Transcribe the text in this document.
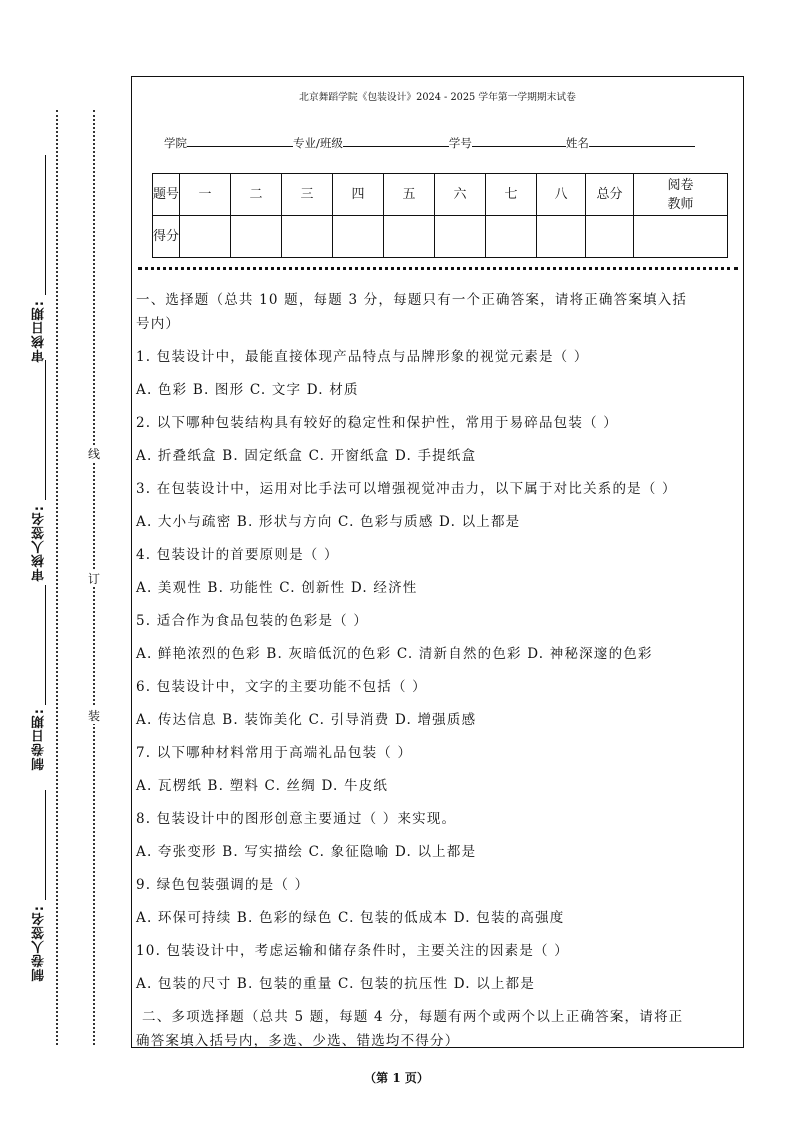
审核日期:
审核人签名:
制卷日期:
制卷人签名:
线
订
装
北京舞蹈学院《包装设计》2024 - 2025 学年第一学期期末试卷
学院	专业/班级	学号	姓名
题号	一	二	三	四	五	六	七	八	总分	阅卷教师

得分										
一、选择题（总共 10 题，每题 3 分，每题只有一个正确答案，请将正确答案填入括
号内）
1. 包装设计中，最能直接体现产品特点与品牌形象的视觉元素是（ ）
A. 色彩 B. 图形 C. 文字 D. 材质
2. 以下哪种包装结构具有较好的稳定性和保护性，常用于易碎品包装（ ）
A. 折叠纸盒 B. 固定纸盒 C. 开窗纸盒 D. 手提纸盒
3. 在包装设计中，运用对比手法可以增强视觉冲击力，以下属于对比关系的是（ ）
A. 大小与疏密 B. 形状与方向 C. 色彩与质感 D. 以上都是
4. 包装设计的首要原则是（ ）
A. 美观性 B. 功能性 C. 创新性 D. 经济性
5. 适合作为食品包装的色彩是（ ）
A. 鲜艳浓烈的色彩 B. 灰暗低沉的色彩 C. 清新自然的色彩 D. 神秘深邃的色彩
6. 包装设计中，文字的主要功能不包括（ ）
A. 传达信息 B. 装饰美化 C. 引导消费 D. 增强质感
7. 以下哪种材料常用于高端礼品包装（ ）
A. 瓦楞纸 B. 塑料 C. 丝绸 D. 牛皮纸
8. 包装设计中的图形创意主要通过（ ）来实现。
A. 夸张变形 B. 写实描绘 C. 象征隐喻 D. 以上都是
9. 绿色包装强调的是（ ）
A. 环保可持续 B. 色彩的绿色 C. 包装的低成本 D. 包装的高强度
10. 包装设计中，考虑运输和储存条件时，主要关注的因素是（ ）
A. 包装的尺寸 B. 包装的重量 C. 包装的抗压性 D. 以上都是
二、多项选择题（总共 5 题，每题 4 分，每题有两个或两个以上正确答案，请将正
确答案填入括号内，多选、少选、错选均不得分）
（第 1 页）
